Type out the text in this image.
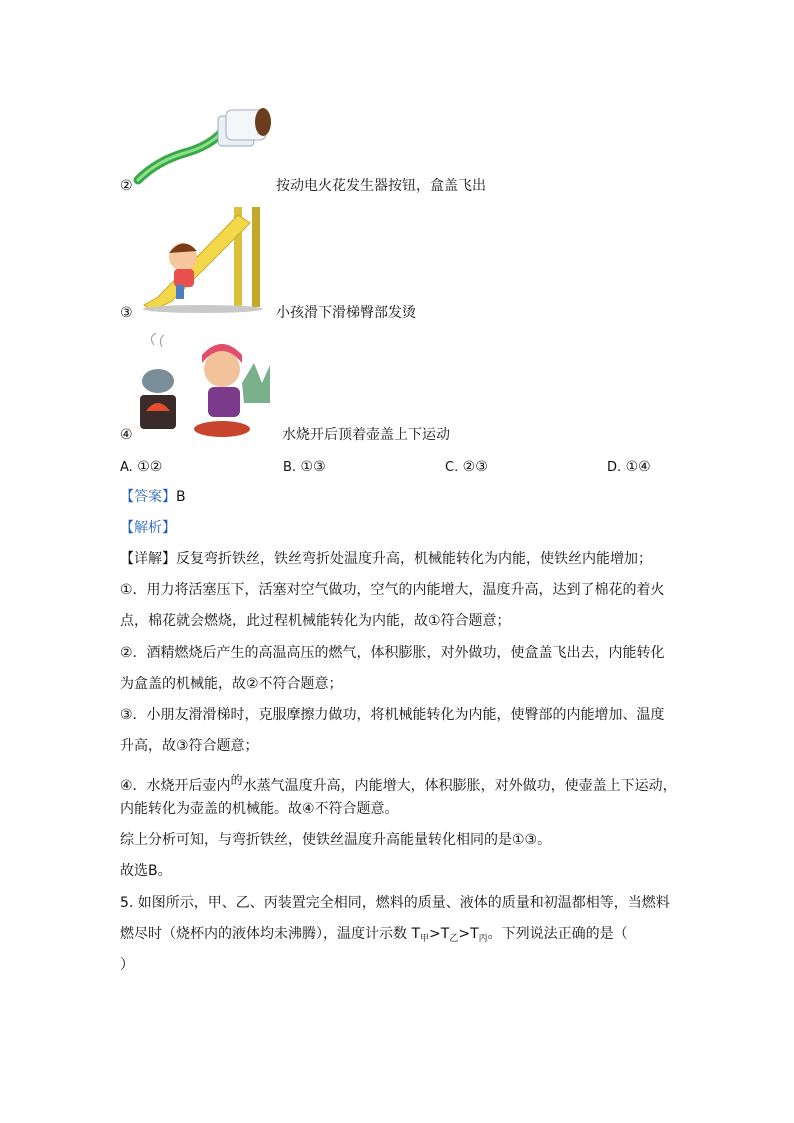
②	按动电火花发生器按钮，盒盖飞出
③	小孩滑下滑梯臀部发烫
④	水烧开后顶着壶盖上下运动
A. ①②	B. ①③	C. ②③	D. ①④
【答案】B
【解析】
【详解】反复弯折铁丝，铁丝弯折处温度升高，机械能转化为内能，使铁丝内能增加；
①．用力将活塞压下，活塞对空气做功，空气的内能增大，温度升高，达到了棉花的着火
点，棉花就会燃烧，此过程机械能转化为内能，故①符合题意；
②．酒精燃烧后产生的高温高压的燃气，体积膨胀，对外做功，使盒盖飞出去，内能转化
为盒盖的机械能，故②不符合题意；
③．小朋友滑滑梯时，克服摩擦力做功，将机械能转化为内能，使臀部的内能增加、温度
升高，故③符合题意；
④．水烧开后壶内的水蒸气温度升高，内能增大，体积膨胀，对外做功，使壶盖上下运动，
内能转化为壶盖的机械能。故④不符合题意。
综上分析可知，与弯折铁丝，使铁丝温度升高能量转化相同的是①③。
故选B。
5. 如图所示，甲、乙、丙装置完全相同，燃料的质量、液体的质量和初温都相等，当燃料
燃尽时（烧杯内的液体均未沸腾），温度计示数 $T_甲>T_乙>T_丙$。下列说法正确的是（
）
